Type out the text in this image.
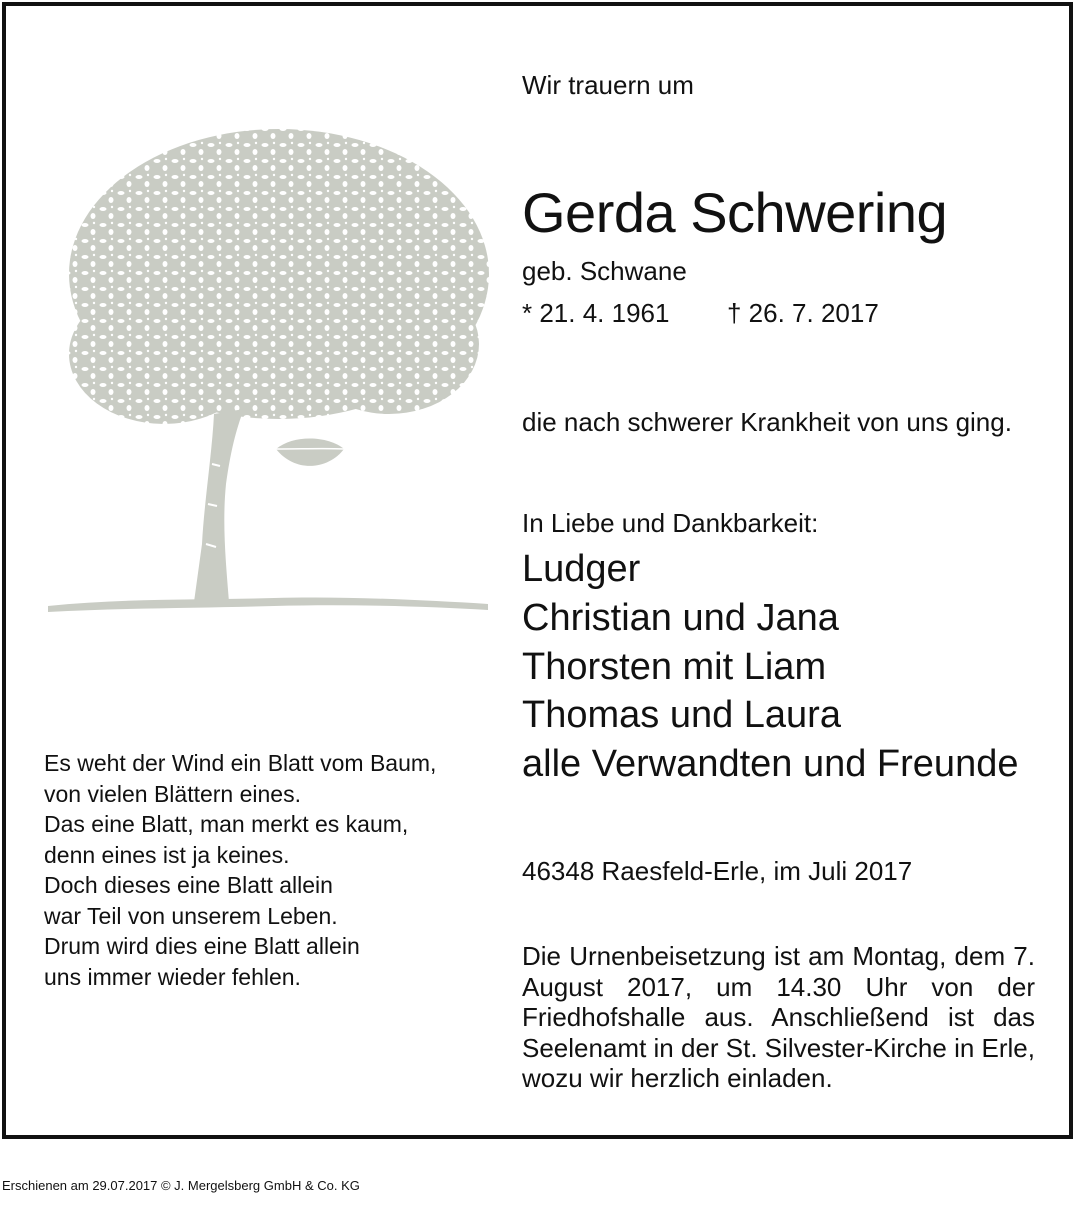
Wir trauern um
Gerda Schwering
geb. Schwane
* 21. 4. 1961 † 26. 7. 2017
die nach schwerer Krankheit von uns ging.
In Liebe und Dankbarkeit:
Ludger
Christian und Jana
Thorsten mit Liam
Thomas und Laura
alle Verwandten und Freunde
46348 Raesfeld-Erle, im Juli 2017
Die Urnenbeisetzung ist am Montag, dem 7. August 2017, um 14.30 Uhr von der Friedhofshalle aus. Anschließend ist das Seelenamt in der St. Silvester-Kirche in Erle, wozu wir herzlich einladen.
Es weht der Wind ein Blatt vom Baum,
von vielen Blättern eines.
Das eine Blatt, man merkt es kaum,
denn eines ist ja keines.
Doch dieses eine Blatt allein
war Teil von unserem Leben.
Drum wird dies eine Blatt allein
uns immer wieder fehlen.
Erschienen am 29.07.2017 © J. Mergelsberg GmbH & Co. KG
